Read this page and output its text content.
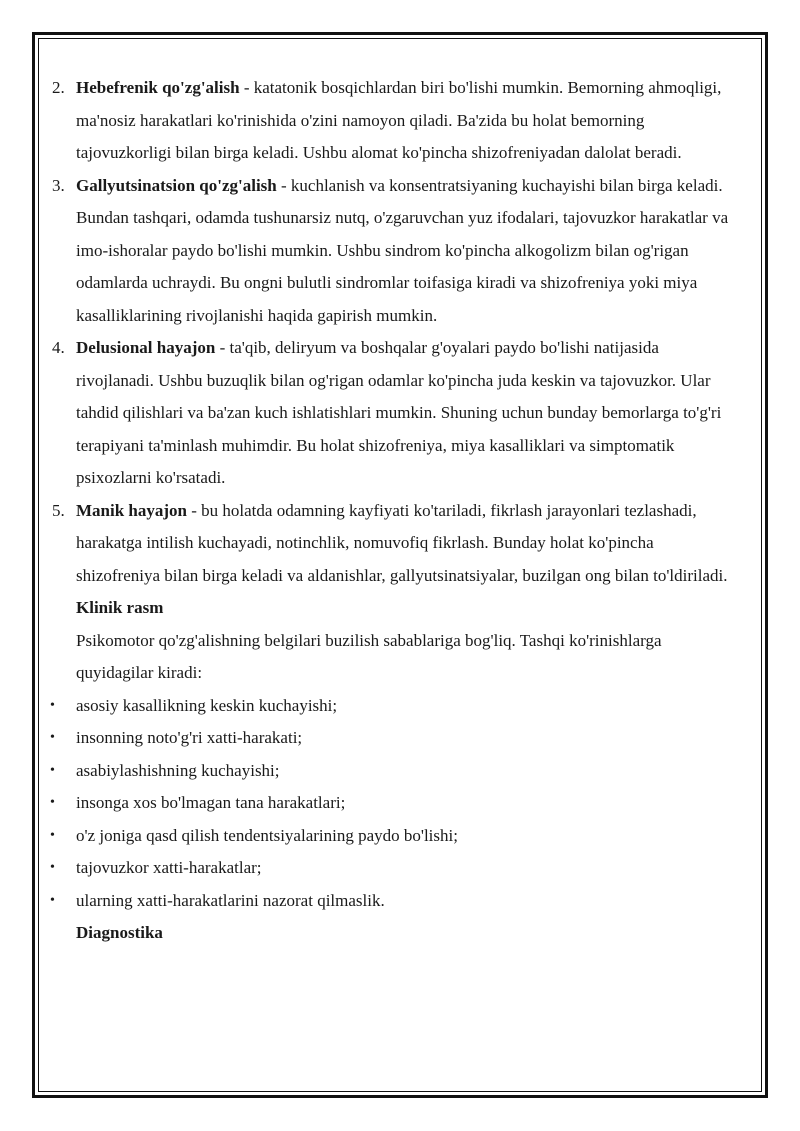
2. Hebefrenik qo'zg'alish - katatonik bosqichlardan biri bo'lishi mumkin. Bemorning ahmoqligi, ma'nosiz harakatlari ko'rinishida o'zini namoyon qiladi. Ba'zida bu holat bemorning tajovuzkorligi bilan birga keladi. Ushbu alomat ko'pincha shizofreniyadan dalolat beradi.

3. Gallyutsinatsion qo'zg'alish - kuchlanish va konsentratsiyaning kuchayishi bilan birga keladi. Bundan tashqari, odamda tushunarsiz nutq, o'zgaruvchan yuz ifodalari, tajovuzkor harakatlar va imo-ishoralar paydo bo'lishi mumkin. Ushbu sindrom ko'pincha alkogolizm bilan og'rigan odamlarda uchraydi. Bu ongni bulutli sindromlar toifasiga kiradi va shizofreniya yoki miya kasalliklarining rivojlanishi haqida gapirish mumkin.

4. Delusional hayajon - ta'qib, deliryum va boshqalar g'oyalari paydo bo'lishi natijasida rivojlanadi. Ushbu buzuqlik bilan og'rigan odamlar ko'pincha juda keskin va tajovuzkor. Ular tahdid qilishlari va ba'zan kuch ishlatishlari mumkin. Shuning uchun bunday bemorlarga to'g'ri terapiyani ta'minlash muhimdir. Bu holat shizofreniya, miya kasalliklari va simptomatik psixozlarni ko'rsatadi.

5. Manik hayajon - bu holatda odamning kayfiyati ko'tariladi, fikrlash jarayonlari tezlashadi, harakatga intilish kuchayadi, notinchlik, nomuvofiq fikrlash. Bunday holat ko'pincha shizofreniya bilan birga keladi va aldanishlar, gallyutsinatsiyalar, buzilgan ong bilan to'ldiriladi.

Klinik rasm

Psikomotor qo'zg'alishning belgilari buzilish sabablariga bog'liq. Tashqi ko'rinishlarga quyidagilar kiradi:

• asosiy kasallikning keskin kuchayishi;

• insonning noto'g'ri xatti-harakati;

• asabiylashishning kuchayishi;

• insonga xos bo'lmagan tana harakatlari;

• o'z joniga qasd qilish tendentsiyalarining paydo bo'lishi;

• tajovuzkor xatti-harakatlar;

• ularning xatti-harakatlarini nazorat qilmaslik.

Diagnostika
